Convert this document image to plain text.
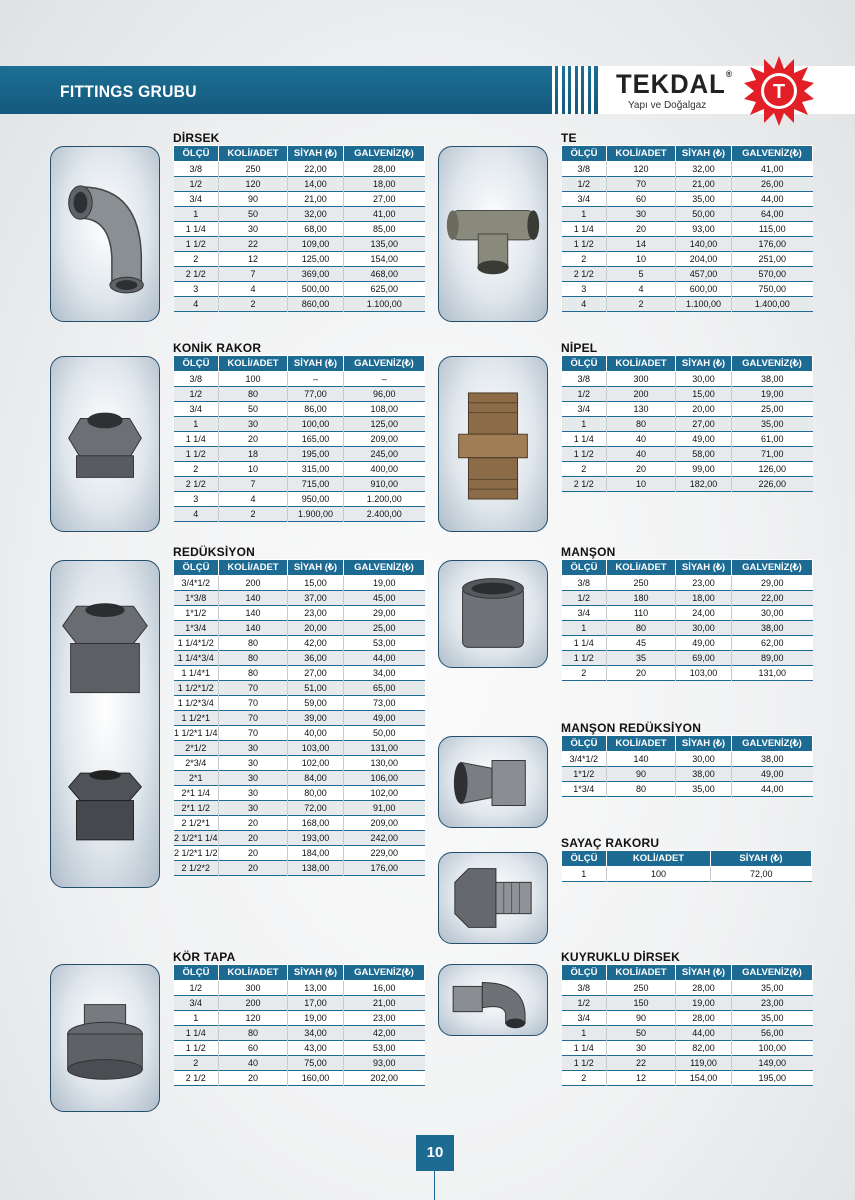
FITTINGS GRUBU	TEKDAL®
Yapı ve Doğalgaz
T
DİRSEK
ÖLÇÜ	KOLİ/ADET	SİYAH (₺)	GALVENİZ(₺)
3/8	250	22,00	28,00
1/2	120	14,00	18,00
3/4	90	21,00	27,00
1	50	32,00	41,00
1 1/4	30	68,00	85,00
1 1/2	22	109,00	135,00
2	12	125,00	154,00
2 1/2	7	369,00	468,00
3	4	500,00	625,00
4	2	860,00	1.100,00
TE
ÖLÇÜ	KOLİ/ADET	SİYAH (₺)	GALVENİZ(₺)
3/8	120	32,00	41,00
1/2	70	21,00	26,00
3/4	60	35,00	44,00
1	30	50,00	64,00
1 1/4	20	93,00	115,00
1 1/2	14	140,00	176,00
2	10	204,00	251,00
2 1/2	5	457,00	570,00
3	4	600,00	750,00
4	2	1.100,00	1.400,00
KONİK RAKOR
ÖLÇÜ	KOLİ/ADET	SİYAH (₺)	GALVENİZ(₺)
3/8	100	–	–
1/2	80	77,00	96,00
3/4	50	86,00	108,00
1	30	100,00	125,00
1 1/4	20	165,00	209,00
1 1/2	18	195,00	245,00
2	10	315,00	400,00
2 1/2	7	715,00	910,00
3	4	950,00	1.200,00
4	2	1.900,00	2.400,00
NİPEL
ÖLÇÜ	KOLİ/ADET	SİYAH (₺)	GALVENİZ(₺)
3/8	300	30,00	38,00
1/2	200	15,00	19,00
3/4	130	20,00	25,00
1	80	27,00	35,00
1 1/4	40	49,00	61,00
1 1/2	40	58,00	71,00
2	20	99,00	126,00
2 1/2	10	182,00	226,00
REDÜKSİYON
ÖLÇÜ	KOLİ/ADET	SİYAH (₺)	GALVENİZ(₺)
3/4*1/2	200	15,00	19,00
1*3/8	140	37,00	45,00
1*1/2	140	23,00	29,00
1*3/4	140	20,00	25,00
1 1/4*1/2	80	42,00	53,00
1 1/4*3/4	80	36,00	44,00
1 1/4*1	80	27,00	34,00
1 1/2*1/2	70	51,00	65,00
1 1/2*3/4	70	59,00	73,00
1 1/2*1	70	39,00	49,00
1 1/2*1 1/4	70	40,00	50,00
2*1/2	30	103,00	131,00
2*3/4	30	102,00	130,00
2*1	30	84,00	106,00
2*1 1/4	30	80,00	102,00
2*1 1/2	30	72,00	91,00
2 1/2*1	20	168,00	209,00
2 1/2*1 1/4	20	193,00	242,00
2 1/2*1 1/2	20	184,00	229,00
2 1/2*2	20	138,00	176,00
MANŞON
ÖLÇÜ	KOLİ/ADET	SİYAH (₺)	GALVENİZ(₺)
3/8	250	23,00	29,00
1/2	180	18,00	22,00
3/4	110	24,00	30,00
1	80	30,00	38,00
1 1/4	45	49,00	62,00
1 1/2	35	69,00	89,00
2	20	103,00	131,00
MANŞON REDÜKSİYON
ÖLÇÜ	KOLİ/ADET	SİYAH (₺)	GALVENİZ(₺)
3/4*1/2	140	30,00	38,00
1*1/2	90	38,00	49,00
1*3/4	80	35,00	44,00
SAYAÇ RAKORU
ÖLÇÜ	KOLİ/ADET	SİYAH (₺)
1	100	72,00
KÖR TAPA
ÖLÇÜ	KOLİ/ADET	SİYAH (₺)	GALVENİZ(₺)
1/2	300	13,00	16,00
3/4	200	17,00	21,00
1	120	19,00	23,00
1 1/4	80	34,00	42,00
1 1/2	60	43,00	53,00
2	40	75,00	93,00
2 1/2	20	160,00	202,00
KUYRUKLU DİRSEK
ÖLÇÜ	KOLİ/ADET	SİYAH (₺)	GALVENİZ(₺)
3/8	250	28,00	35,00
1/2	150	19,00	23,00
3/4	90	28,00	35,00
1	50	44,00	56,00
1 1/4	30	82,00	100,00
1 1/2	22	119,00	149,00
2	12	154,00	195,00
10
